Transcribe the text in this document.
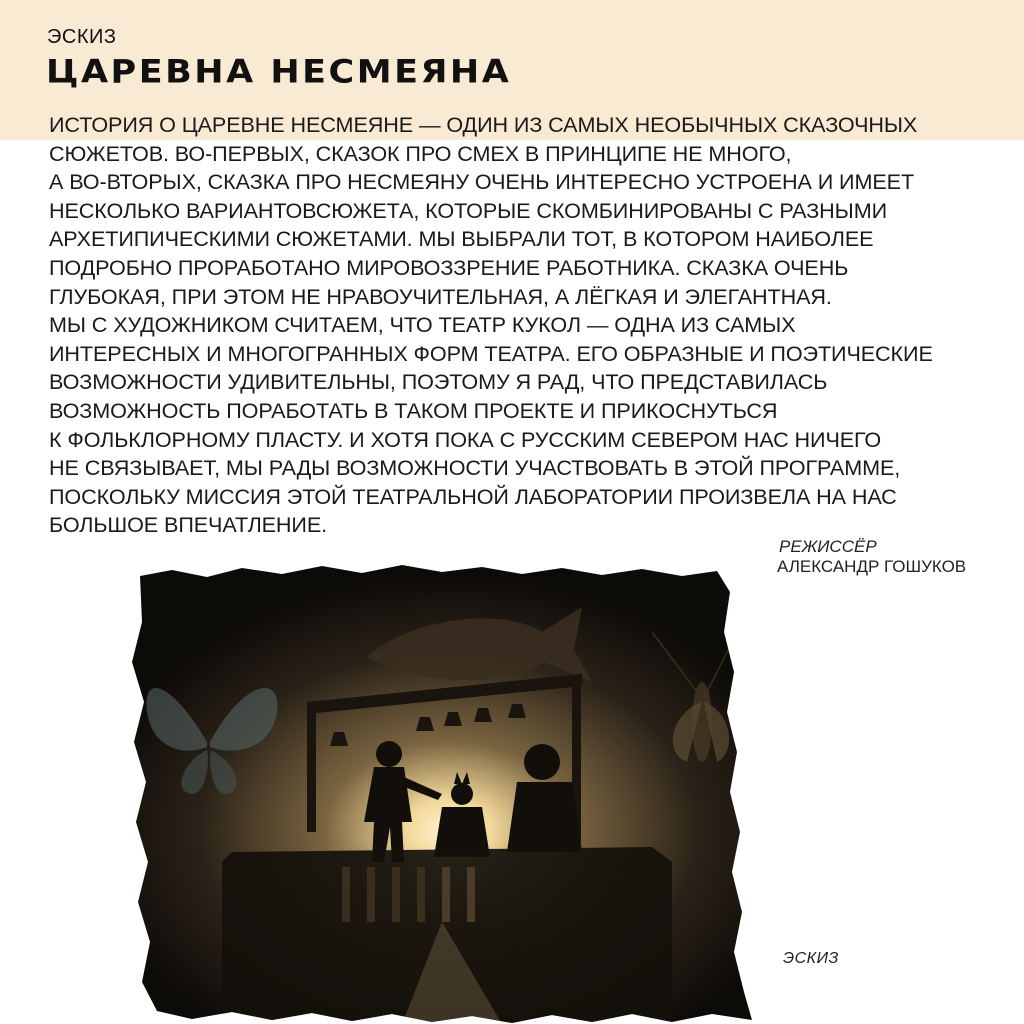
ЭСКИЗ
ЦАРЕВНА НЕСМЕЯНА
ИСТОРИЯ О ЦАРЕВНЕ НЕСМЕЯНЕ — ОДИН ИЗ САМЫХ НЕОБЫЧНЫХ СКАЗОЧНЫХ
СЮЖЕТОВ. ВО-ПЕРВЫХ, СКАЗОК ПРО СМЕХ В ПРИНЦИПЕ НЕ МНОГО,
А ВО-ВТОРЫХ, СКАЗКА ПРО НЕСМЕЯНУ ОЧЕНЬ ИНТЕРЕСНО УСТРОЕНА И ИМЕЕТ
НЕСКОЛЬКО ВАРИАНТОВСЮЖЕТА, КОТОРЫЕ СКОМБИНИРОВАНЫ С РАЗНЫМИ
АРХЕТИПИЧЕСКИМИ СЮЖЕТАМИ. МЫ ВЫБРАЛИ ТОТ, В КОТОРОМ НАИБОЛЕЕ
ПОДРОБНО ПРОРАБОТАНО МИРОВОЗЗРЕНИЕ РАБОТНИКА. СКАЗКА ОЧЕНЬ
ГЛУБОКАЯ, ПРИ ЭТОМ НЕ НРАВОУЧИТЕЛЬНАЯ, А ЛЁГКАЯ И ЭЛЕГАНТНАЯ.
МЫ С ХУДОЖНИКОМ СЧИТАЕМ, ЧТО ТЕАТР КУКОЛ — ОДНА ИЗ САМЫХ
ИНТЕРЕСНЫХ И МНОГОГРАННЫХ ФОРМ ТЕАТРА. ЕГО ОБРАЗНЫЕ И ПОЭТИЧЕСКИЕ
ВОЗМОЖНОСТИ УДИВИТЕЛЬНЫ, ПОЭТОМУ Я РАД, ЧТО ПРЕДСТАВИЛАСЬ
ВОЗМОЖНОСТЬ ПОРАБОТАТЬ В ТАКОМ ПРОЕКТЕ И ПРИКОСНУТЬСЯ
К ФОЛЬКЛОРНОМУ ПЛАСТУ. И ХОТЯ ПОКА С РУССКИМ СЕВЕРОМ НАС НИЧЕГО
НЕ СВЯЗЫВАЕТ, МЫ РАДЫ ВОЗМОЖНОСТИ УЧАСТВОВАТЬ В ЭТОЙ ПРОГРАММЕ,
ПОСКОЛЬКУ МИССИЯ ЭТОЙ ТЕАТРАЛЬНОЙ ЛАБОРАТОРИИ ПРОИЗВЕЛА НА НАС
БОЛЬШОЕ ВПЕЧАТЛЕНИЕ.
РЕЖИССЁР
АЛЕКСАНДР ГОШУКОВ
ЭСКИЗ
